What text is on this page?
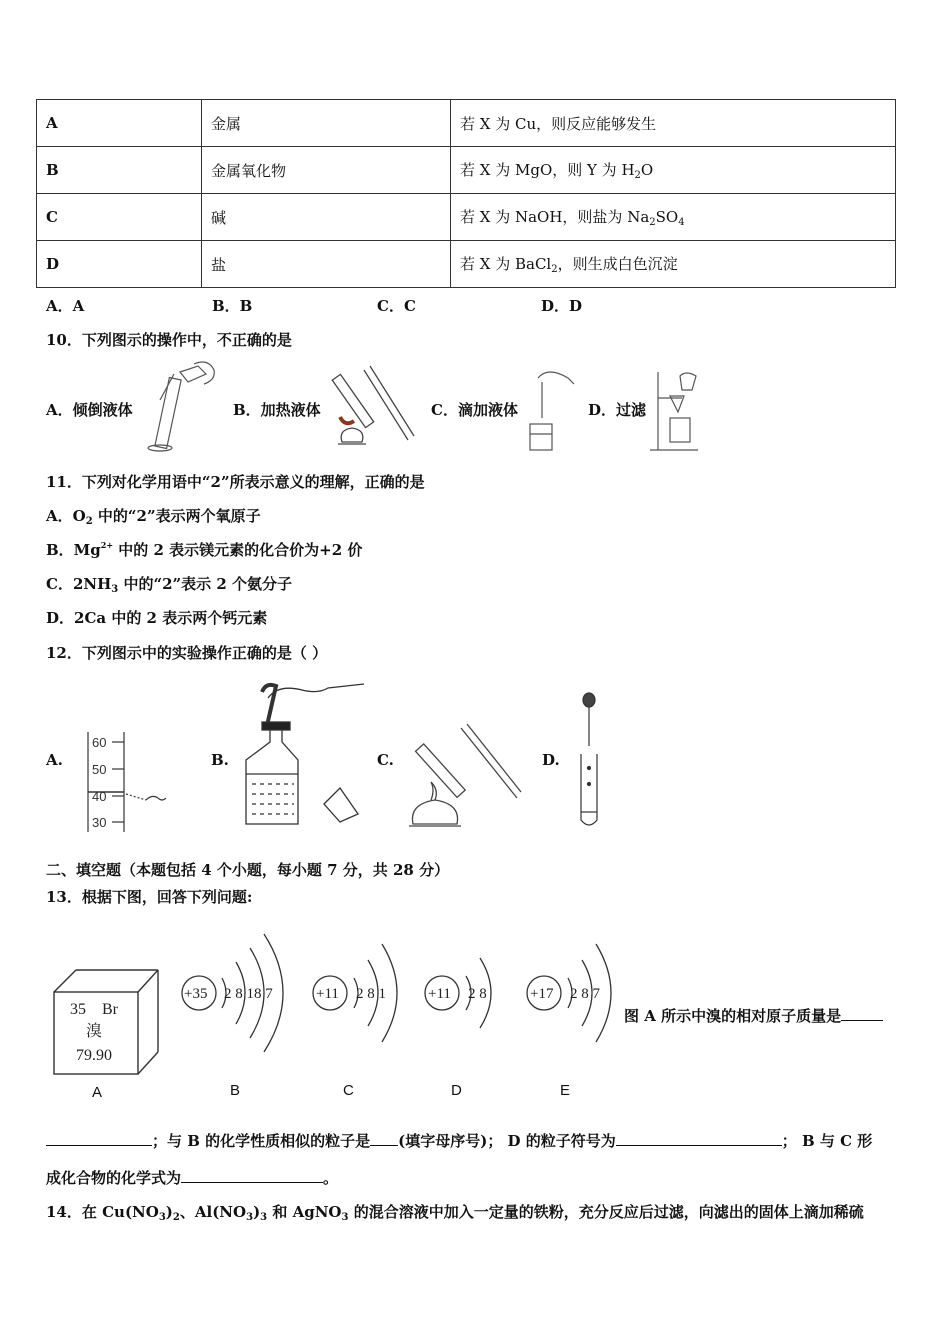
A	金属	若 X 为 Cu，则反应能够发生
B	金属氧化物	若 X 为 MgO，则 Y 为 $H_2O$
C	碱	若 X 为 NaOH，则盐为 $Na_2SO_4$
D	盐	若 X 为 BaCl$_2$，则生成白色沉淀
A．A	B．B	C．C	D．D
10．下列图示的操作中，不正确的是
A．倾倒液体	B．加热液体	C．滴加液体	D．过滤
11．下列对化学用语中“2”所表示意义的理解，正确的是
A．$O_2$ 中的“2”表示两个氧原子
B．$Mg^{2+}$ 中的 2 表示镁元素的化合价为+2 价
C．$2NH_3$ 中的“2”表示 2 个氨分子
D．2Ca 中的 2 表示两个钙元素
12．下列图示中的实验操作正确的是（ ）
A.	B.	C.	D.
60
50
40
30
二、填空题（本题包括 4 个小题，每小题 7 分，共 28 分）
13．根据下图，回答下列问题:
35 Br
溴
79.90
A
+35 2 8 18 7
B
+11 2 8 1
C
+11 2 8
D
+17 2 8 7
E
图 A 所示中溴的相对原子质量是
；与 B 的化学性质相似的粒子是 (填字母序号)； D 的粒子符号为	； B 与 C 形
成化合物的化学式为	。
14．在 $Cu(NO_3)_2$、$Al(NO_3)_3$ 和 AgNO$_3$ 的混合溶液中加入一定量的铁粉，充分反应后过滤，向滤出的固体上滴加稀硫
